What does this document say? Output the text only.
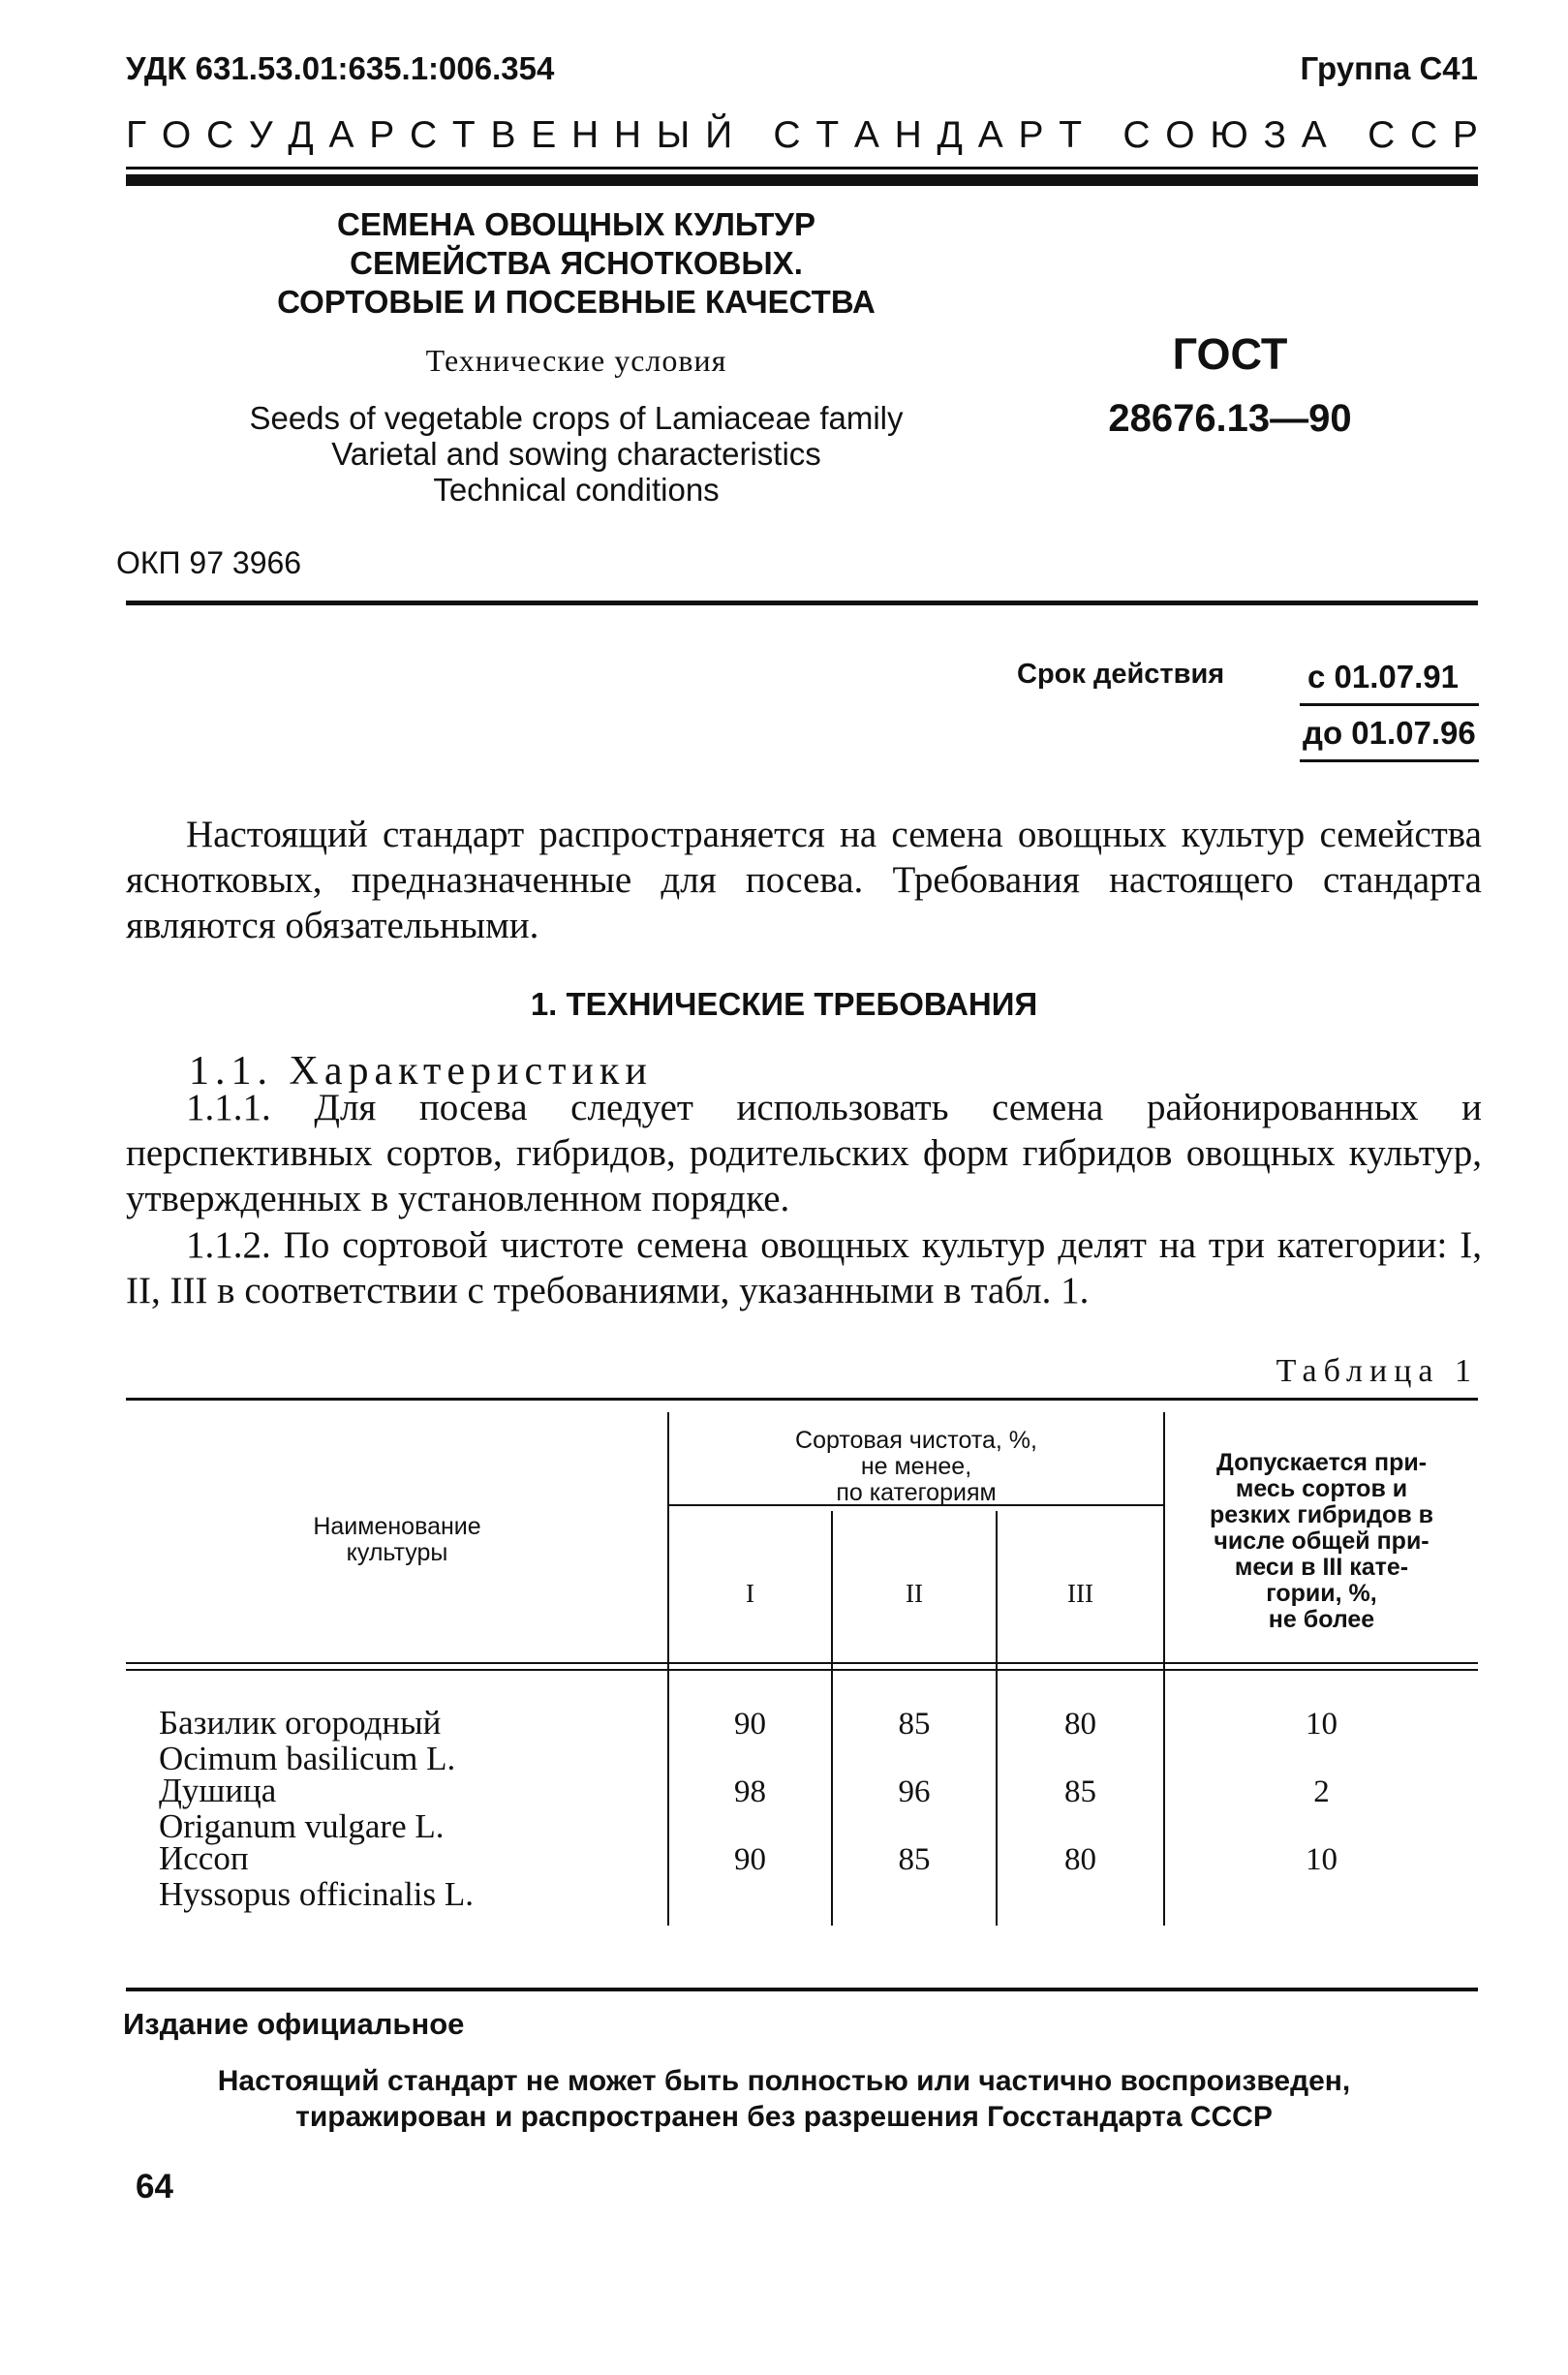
УДК 631.53.01:635.1:006.354	Группа С41
Г О С У Д А Р С Т В Е Н Н Ы Й
С Т А Н Д А Р Т
С О Ю З А
С С Р
СЕМЕНА ОВОЩНЫХ КУЛЬТУР
СЕМЕЙСТВА ЯСНОТКОВЫХ.
СОРТОВЫЕ И ПОСЕВНЫЕ КАЧЕСТВА
Технические условия
Seeds of vegetable crops of Lamiaceae family
Varietal and sowing characteristics
Technical conditions
ГОСТ
28676.13—90
ОКП 97 3966
Срок действия	с 01.07.91
до 01.07.96

Настоящий стандарт распространяется на семена овощных культур семейства яснотковых, предназначенные для посева. Требования настоящего стандарта являются обязательными.

1. ТЕХНИЧЕСКИЕ ТРЕБОВАНИЯ
1.1. Характеристики

1.1.1. Для посева следует использовать семена районированных и перспективных сортов, гибридов, родительских форм гибридов овощных культур, утвержденных в установленном порядке.

1.1.2. По сортовой чистоте семена овощных культур делят на три категории: I, II, III в соответствии с требованиями, указанными в табл. 1.

Таблица 1
Наименование
культуры
Сортовая чистота, %,
не менее,
по категориям
I	II	III
Допускается при-
месь сортов и
резких гибридов в
числе общей при-
меси в III кате-
гории, %,
не более
Базилик огородный
Ocimum basilicum L.
90	85	80	10
Душица
Origanum vulgare L.
98	96	85	2
Иссоп
Hyssopus officinalis L.
90	85	80	10
Издание официальное
Настоящий стандарт не может быть полностью или частично воспроизведен,
тиражирован и распространен без разрешения Госстандарта СССР
64
